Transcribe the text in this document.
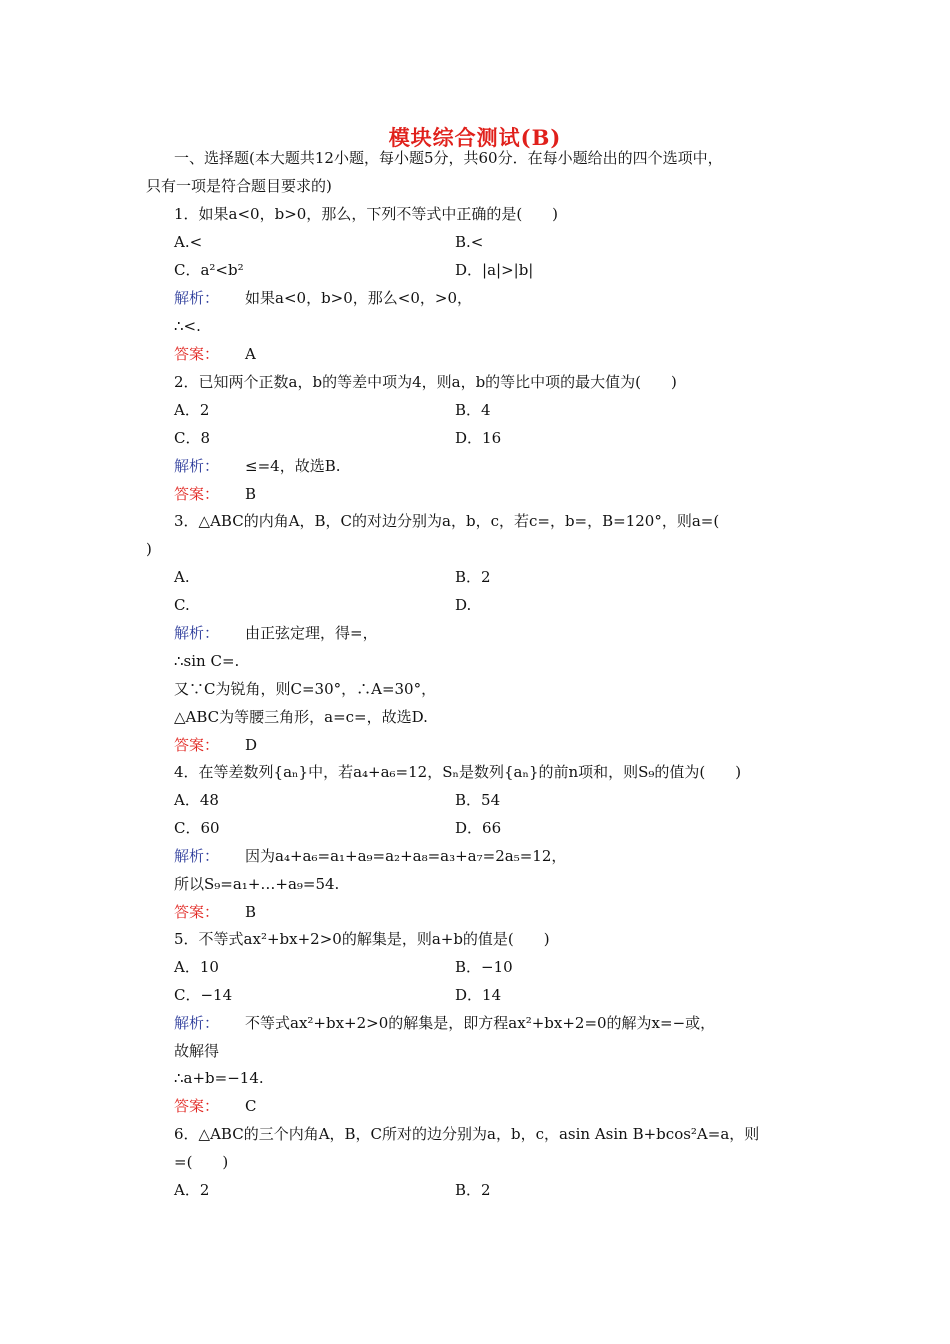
模块综合测试(B)
一、选择题(本大题共12小题，每小题5分，共60分．在每小题给出的四个选项中，
只有一项是符合题目要求的)
1．如果a<0，b>0，那么，下列不等式中正确的是(　　)
A.<	B.<
C．a²<b²	D．|a|>|b|
解析： 如果a<0，b>0，那么<0，>0，
∴<.
答案： A
2．已知两个正数a，b的等差中项为4，则a，b的等比中项的最大值为(　　)
A．2	B．4
C．8	D．16
解析： ≤=4，故选B.
答案： B
3．△ABC的内角A，B，C的对边分别为a，b，c，若c=，b=，B=120°，则a=(
)
A.	B．2
C.	D.
解析： 由正弦定理，得=，
∴sin C=.
又∵C为锐角，则C=30°，∴A=30°，
△ABC为等腰三角形，a=c=，故选D.
答案： D
4．在等差数列{aₙ}中，若a₄+a₆=12，Sₙ是数列{aₙ}的前n项和，则S₉的值为(　　)
A．48	B．54
C．60	D．66
解析： 因为a₄+a₆=a₁+a₉=a₂+a₈=a₃+a₇=2a₅=12，
所以S₉=a₁+…+a₉=54.
答案： B
5．不等式ax²+bx+2>0的解集是，则a+b的值是(　　)
A．10	B．−10
C．−14	D．14
解析： 不等式ax²+bx+2>0的解集是，即方程ax²+bx+2=0的解为x=−或，
故解得
∴a+b=−14.
答案： C
6．△ABC的三个内角A，B，C所对的边分别为a，b，c，asin Asin B+bcos²A=a，则
=(　　)
A．2	B．2
